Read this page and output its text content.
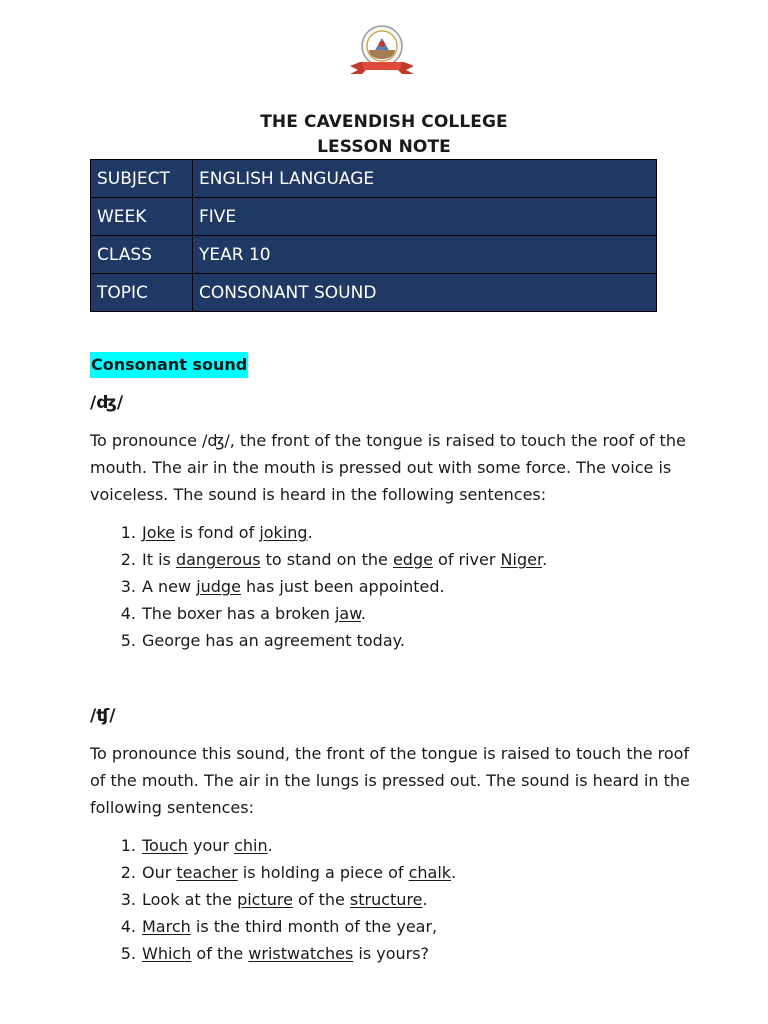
THE CAVENDISH COLLEGE
LESSON NOTE
SUBJECT	ENGLISH LANGUAGE
WEEK	FIVE
CLASS	YEAR 10
TOPIC	CONSONANT SOUND
Consonant sound
/ʤ/

To pronounce /ʤ/, the front of the tongue is raised to touch the roof of the mouth. The air in the mouth is pressed out with some force. The voice is voiceless. The sound is heard in the following sentences:

1. Joke is fond of joking.
2. It is dangerous to stand on the edge of river Niger.
3. A new judge has just been appointed.
4. The boxer has a broken jaw.
5. George has an agreement today.
/ʧ/

To pronounce this sound, the front of the tongue is raised to touch the roof of the mouth. The air in the lungs is pressed out. The sound is heard in the following sentences:

1. Touch your chin.
2. Our teacher is holding a piece of chalk.
3. Look at the picture of the structure.
4. March is the third month of the year,
5. Which of the wristwatches is yours?
